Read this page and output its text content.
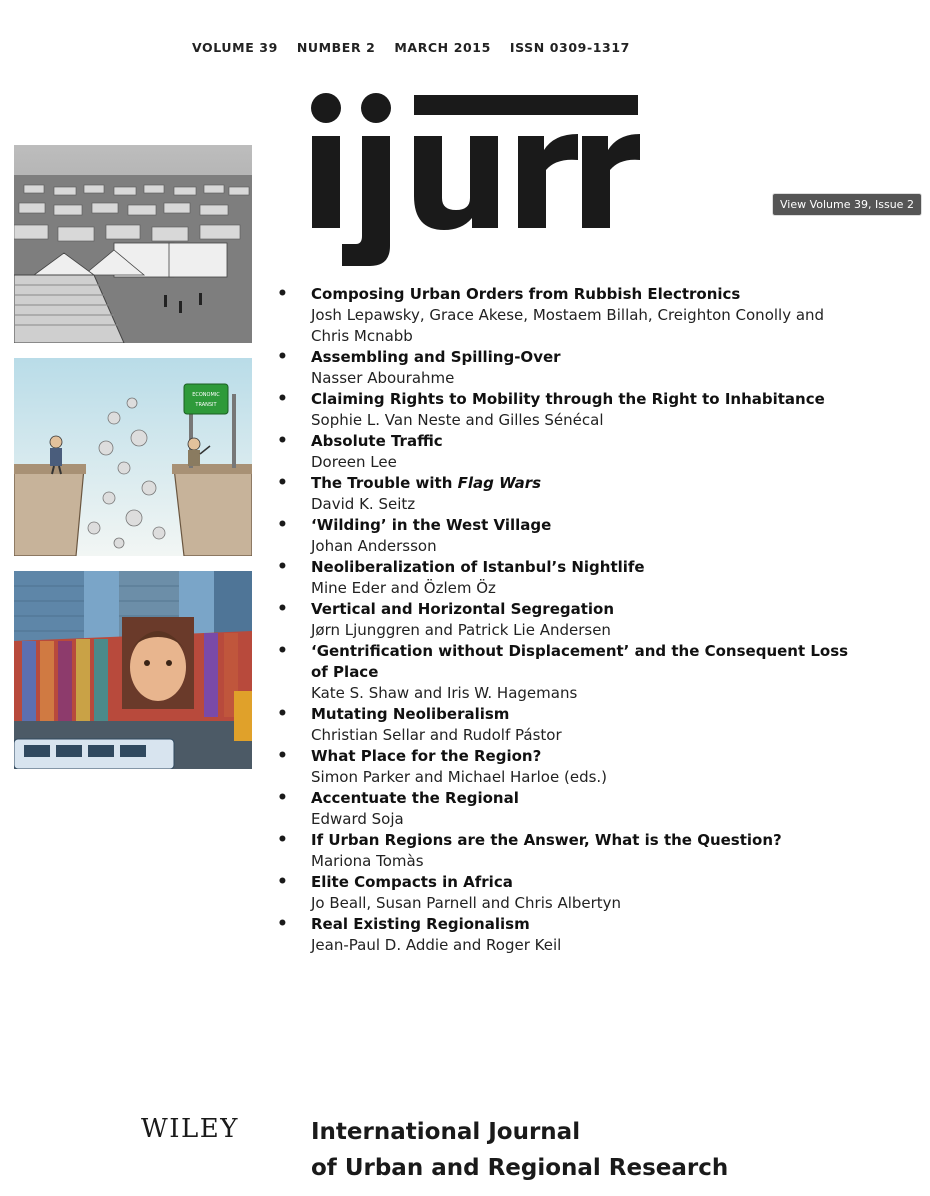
VOLUME 39 NUMBER 2 MARCH 2015 ISSN 0309-1317
View Volume 39, Issue 2
ECONOMIC
TRANSIT
• Composing Urban Orders from Rubbish Electronics
Josh Lepawsky, Grace Akese, Mostaem Billah, Creighton Conolly and Chris Mcnabb
• Assembling and Spilling-Over
Nasser Abourahme
• Claiming Rights to Mobility through the Right to Inhabitance
Sophie L. Van Neste and Gilles Sénécal
• Absolute Traffic
Doreen Lee
• The Trouble with Flag Wars
David K. Seitz
• ‘Wilding’ in the West Village
Johan Andersson
• Neoliberalization of Istanbul’s Nightlife
Mine Eder and Özlem Öz
• Vertical and Horizontal Segregation
Jørn Ljunggren and Patrick Lie Andersen
• ‘Gentrification without Displacement’ and the Consequent Loss of Place
Kate S. Shaw and Iris W. Hagemans
• Mutating Neoliberalism
Christian Sellar and Rudolf Pástor
• What Place for the Region?
Simon Parker and Michael Harloe (eds.)
• Accentuate the Regional
Edward Soja
• If Urban Regions are the Answer, What is the Question?
Mariona Tomàs
• Elite Compacts in Africa
Jo Beall, Susan Parnell and Chris Albertyn
• Real Existing Regionalism
Jean-Paul D. Addie and Roger Keil
WILEY	International Journal
of Urban and Regional Research
